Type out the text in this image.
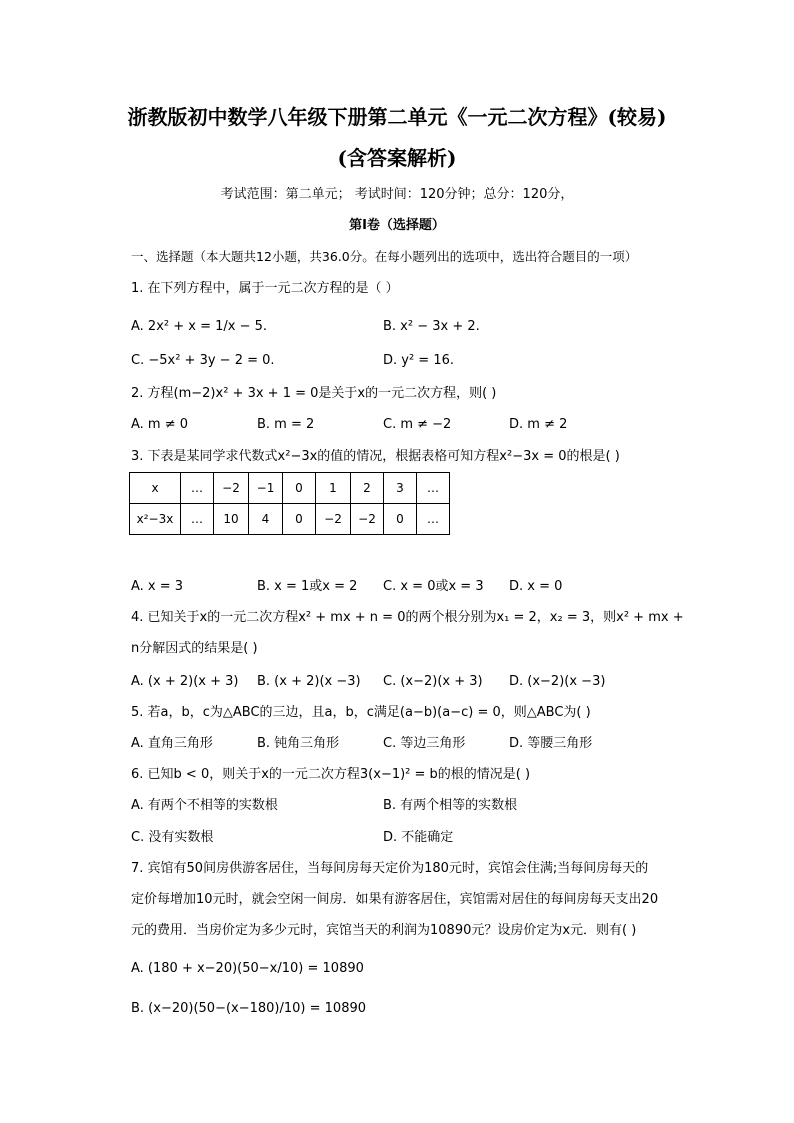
浙教版初中数学八年级下册第二单元《一元二次方程》(较易)
(含答案解析)
考试范围：第二单元； 考试时间：120分钟；总分：120分，
第I卷（选择题）
一、选择题（本大题共12小题，共36.0分。在每小题列出的选项中，选出符合题目的一项）
1. 在下列方程中，属于一元二次方程的是（ ）
A. 2x² + x = 1/x − 5.	B. x² − 3x + 2.
C. −5x² + 3y − 2 = 0.	D. y² = 16.
2. 方程(m−2)x² + 3x + 1 = 0是关于x的一元二次方程，则( )
A. m ≠ 0	B. m = 2	C. m ≠ −2	D. m ≠ 2
3. 下表是某同学求代数式x²−3x的值的情况，根据表格可知方程x²−3x = 0的根是( )
x	…	−2	−1	0	1	2	3	…
x²−3x	…	10	4	0	−2	−2	0	…
A. x = 3	B. x = 1或x = 2 C. x = 0或x = 3 D. x = 0
4. 已知关于x的一元二次方程x² + mx + n = 0的两个根分别为x₁ = 2，x₂ = 3，则x² + mx +
n分解因式的结果是( )
A. (x + 2)(x + 3) B. (x + 2)(x −3) C. (x−2)(x + 3) D. (x−2)(x −3)
5. 若a，b，c为△ABC的三边，且a，b，c满足(a−b)(a−c) = 0，则△ABC为( )
A. 直角三角形	B. 钝角三角形	C. 等边三角形	D. 等腰三角形
6. 已知b < 0，则关于x的一元二次方程3(x−1)² = b的根的情况是( )
A. 有两个不相等的实数根	B. 有两个相等的实数根
C. 没有实数根	D. 不能确定
7. 宾馆有50间房供游客居住，当每间房每天定价为180元时，宾馆会住满;当每间房每天的
定价每增加10元时，就会空闲一间房．如果有游客居住，宾馆需对居住的每间房每天支出20
元的费用．当房价定为多少元时，宾馆当天的利润为10890元？设房价定为x元．则有( )
A. (180 + x−20)(50−x/10) = 10890
B. (x−20)(50−(x−180)/10) = 10890
